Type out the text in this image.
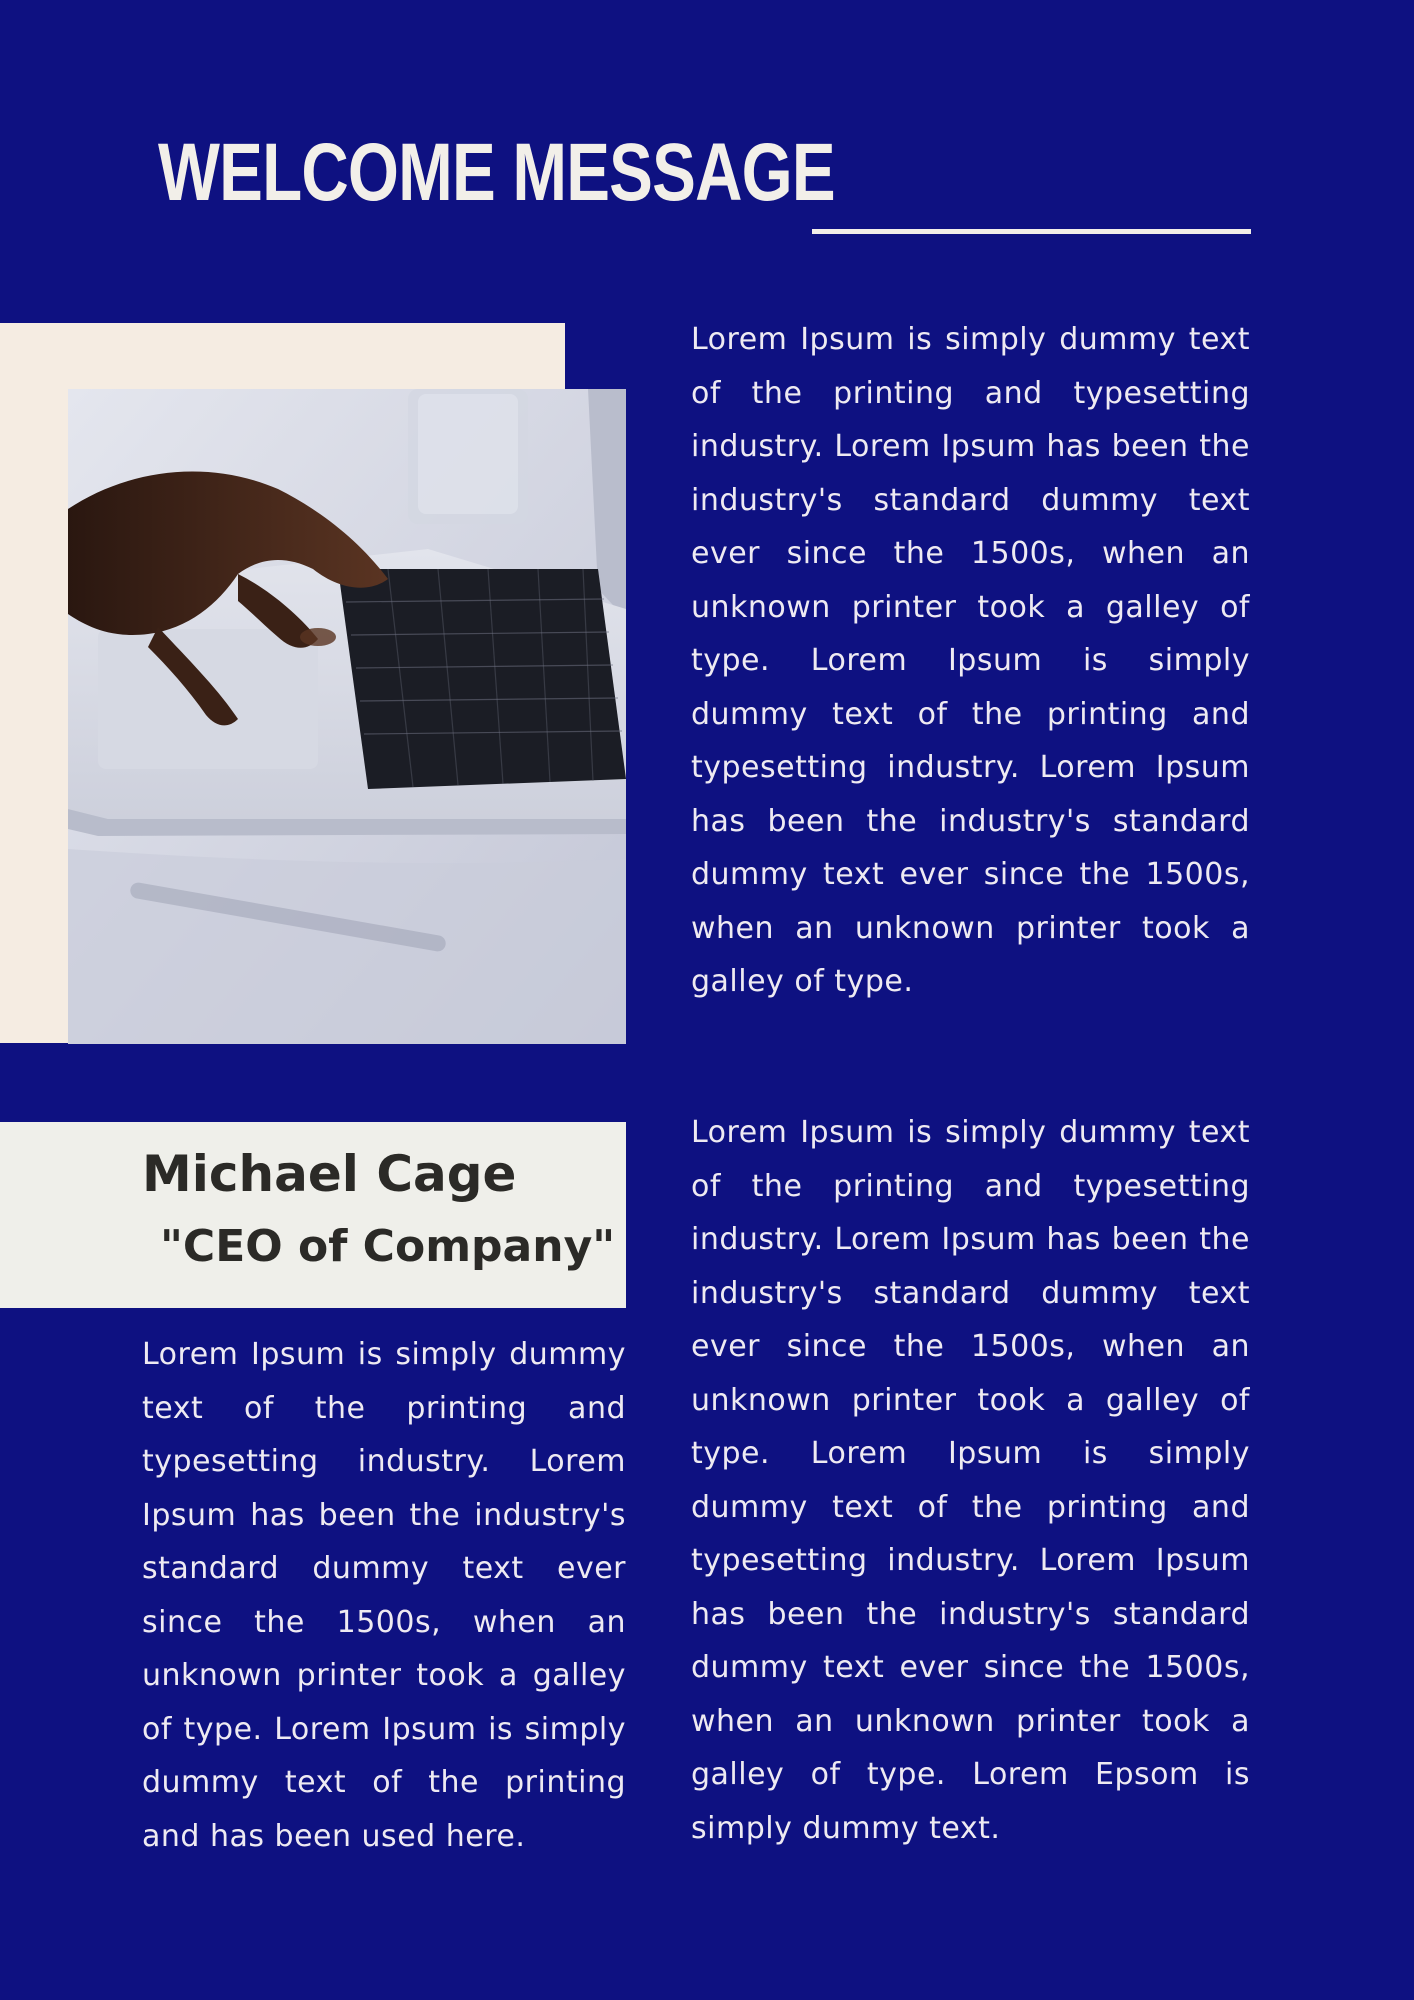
WELCOME MESSAGE

Lorem Ipsum is simply dummy text of the printing and typesetting industry. Lorem Ipsum has been the industry's standard dummy text ever since the 1500s, when an unknown printer took a galley of type. Lorem Ipsum is simply dummy text of the printing and typesetting industry. Lorem Ipsum has been the industry's standard dummy text ever since the 1500s, when an unknown printer took a galley of type.

Michael Cage
"CEO of Company"

Lorem Ipsum is simply dummy text of the printing and typesetting industry. Lorem Ipsum has been the industry's standard dummy text ever since the 1500s, when an unknown printer took a galley of type. Lorem Ipsum is simply dummy text of the printing and typesetting industry. Lorem Ipsum has been the industry's standard dummy text ever since the 1500s, when an unknown printer took a galley of type. Lorem Epsom is simply dummy text.

Lorem Ipsum is simply dummy text of the printing and typesetting industry. Lorem Ipsum has been the industry's standard dummy text ever since the 1500s, when an unknown printer took a galley of type. Lorem Ipsum is simply dummy text of the printing and has been used here.
